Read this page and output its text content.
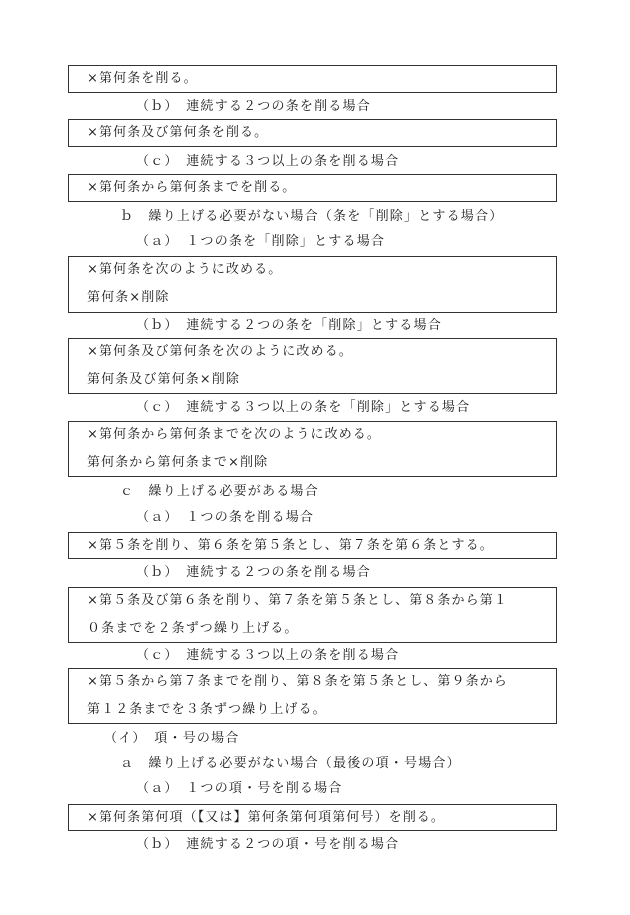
×第何条を削る。
（ｂ）　連続する２つの条を削る場合
×第何条及び第何条を削る。
（ｃ）　連続する３つ以上の条を削る場合
×第何条から第何条までを削る。
ｂ　繰り上げる必要がない場合（条を「削除」とする場合）
（ａ）　１つの条を「削除」とする場合
×第何条を次のように改める。
第何条×削除
（ｂ）　連続する２つの条を「削除」とする場合
×第何条及び第何条を次のように改める。
第何条及び第何条×削除
（ｃ）　連続する３つ以上の条を「削除」とする場合
×第何条から第何条までを次のように改める。
第何条から第何条まで×削除
ｃ　繰り上げる必要がある場合
（ａ）　１つの条を削る場合
×第５条を削り、第６条を第５条とし、第７条を第６条とする。
（ｂ）　連続する２つの条を削る場合
×第５条及び第６条を削り、第７条を第５条とし、第８条から第１
０条までを２条ずつ繰り上げる。
（ｃ）　連続する３つ以上の条を削る場合
×第５条から第７条までを削り、第８条を第５条とし、第９条から
第１２条までを３条ずつ繰り上げる。
（イ）　項・号の場合
ａ　繰り上げる必要がない場合（最後の項・号場合）
（ａ）　１つの項・号を削る場合
×第何条第何項（【又は】第何条第何項第何号）を削る。
（ｂ）　連続する２つの項・号を削る場合
